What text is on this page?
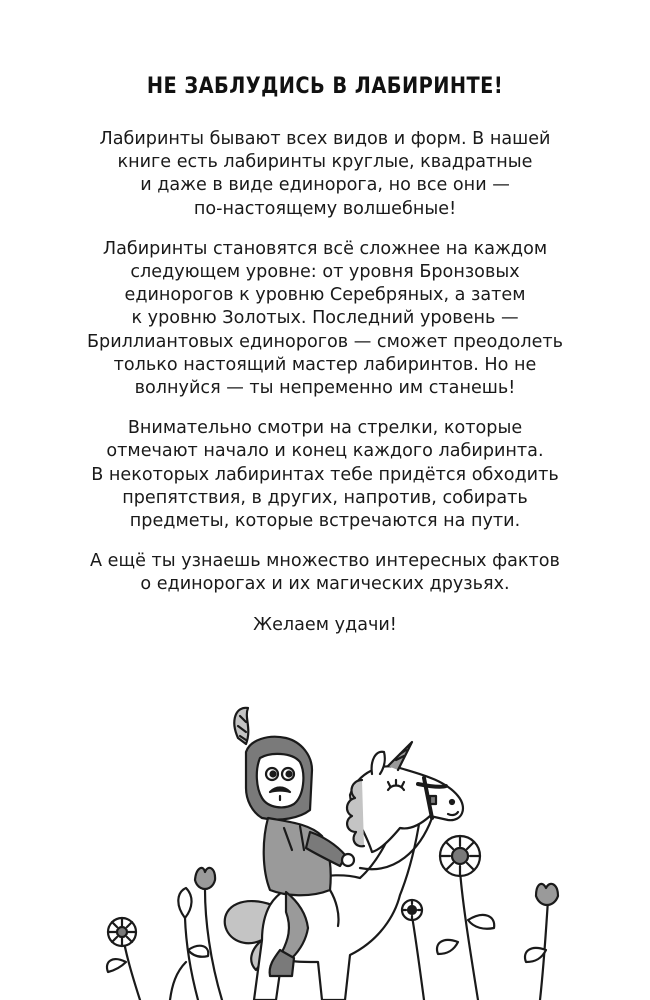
НЕ ЗАБЛУДИСЬ В ЛАБИРИНТЕ!

Лабиринты бывают всех видов и форм. В нашей
книге есть лабиринты круглые, квадратные
и даже в виде единорога, но все они —
по-настоящему волшебные!

Лабиринты становятся всё сложнее на каждом
следующем уровне: от уровня Бронзовых
единорогов к уровню Серебряных, а затем
к уровню Золотых. Последний уровень —
Бриллиантовых единорогов — сможет преодолеть
только настоящий мастер лабиринтов. Но не
волнуйся — ты непременно им станешь!

Внимательно смотри на стрелки, которые
отмечают начало и конец каждого лабиринта.
В некоторых лабиринтах тебе придётся обходить
препятствия, в других, напротив, собирать
предметы, которые встречаются на пути.

А ещё ты узнаешь множество интересных фактов
о единорогах и их магических друзьях.

Желаем удачи!
